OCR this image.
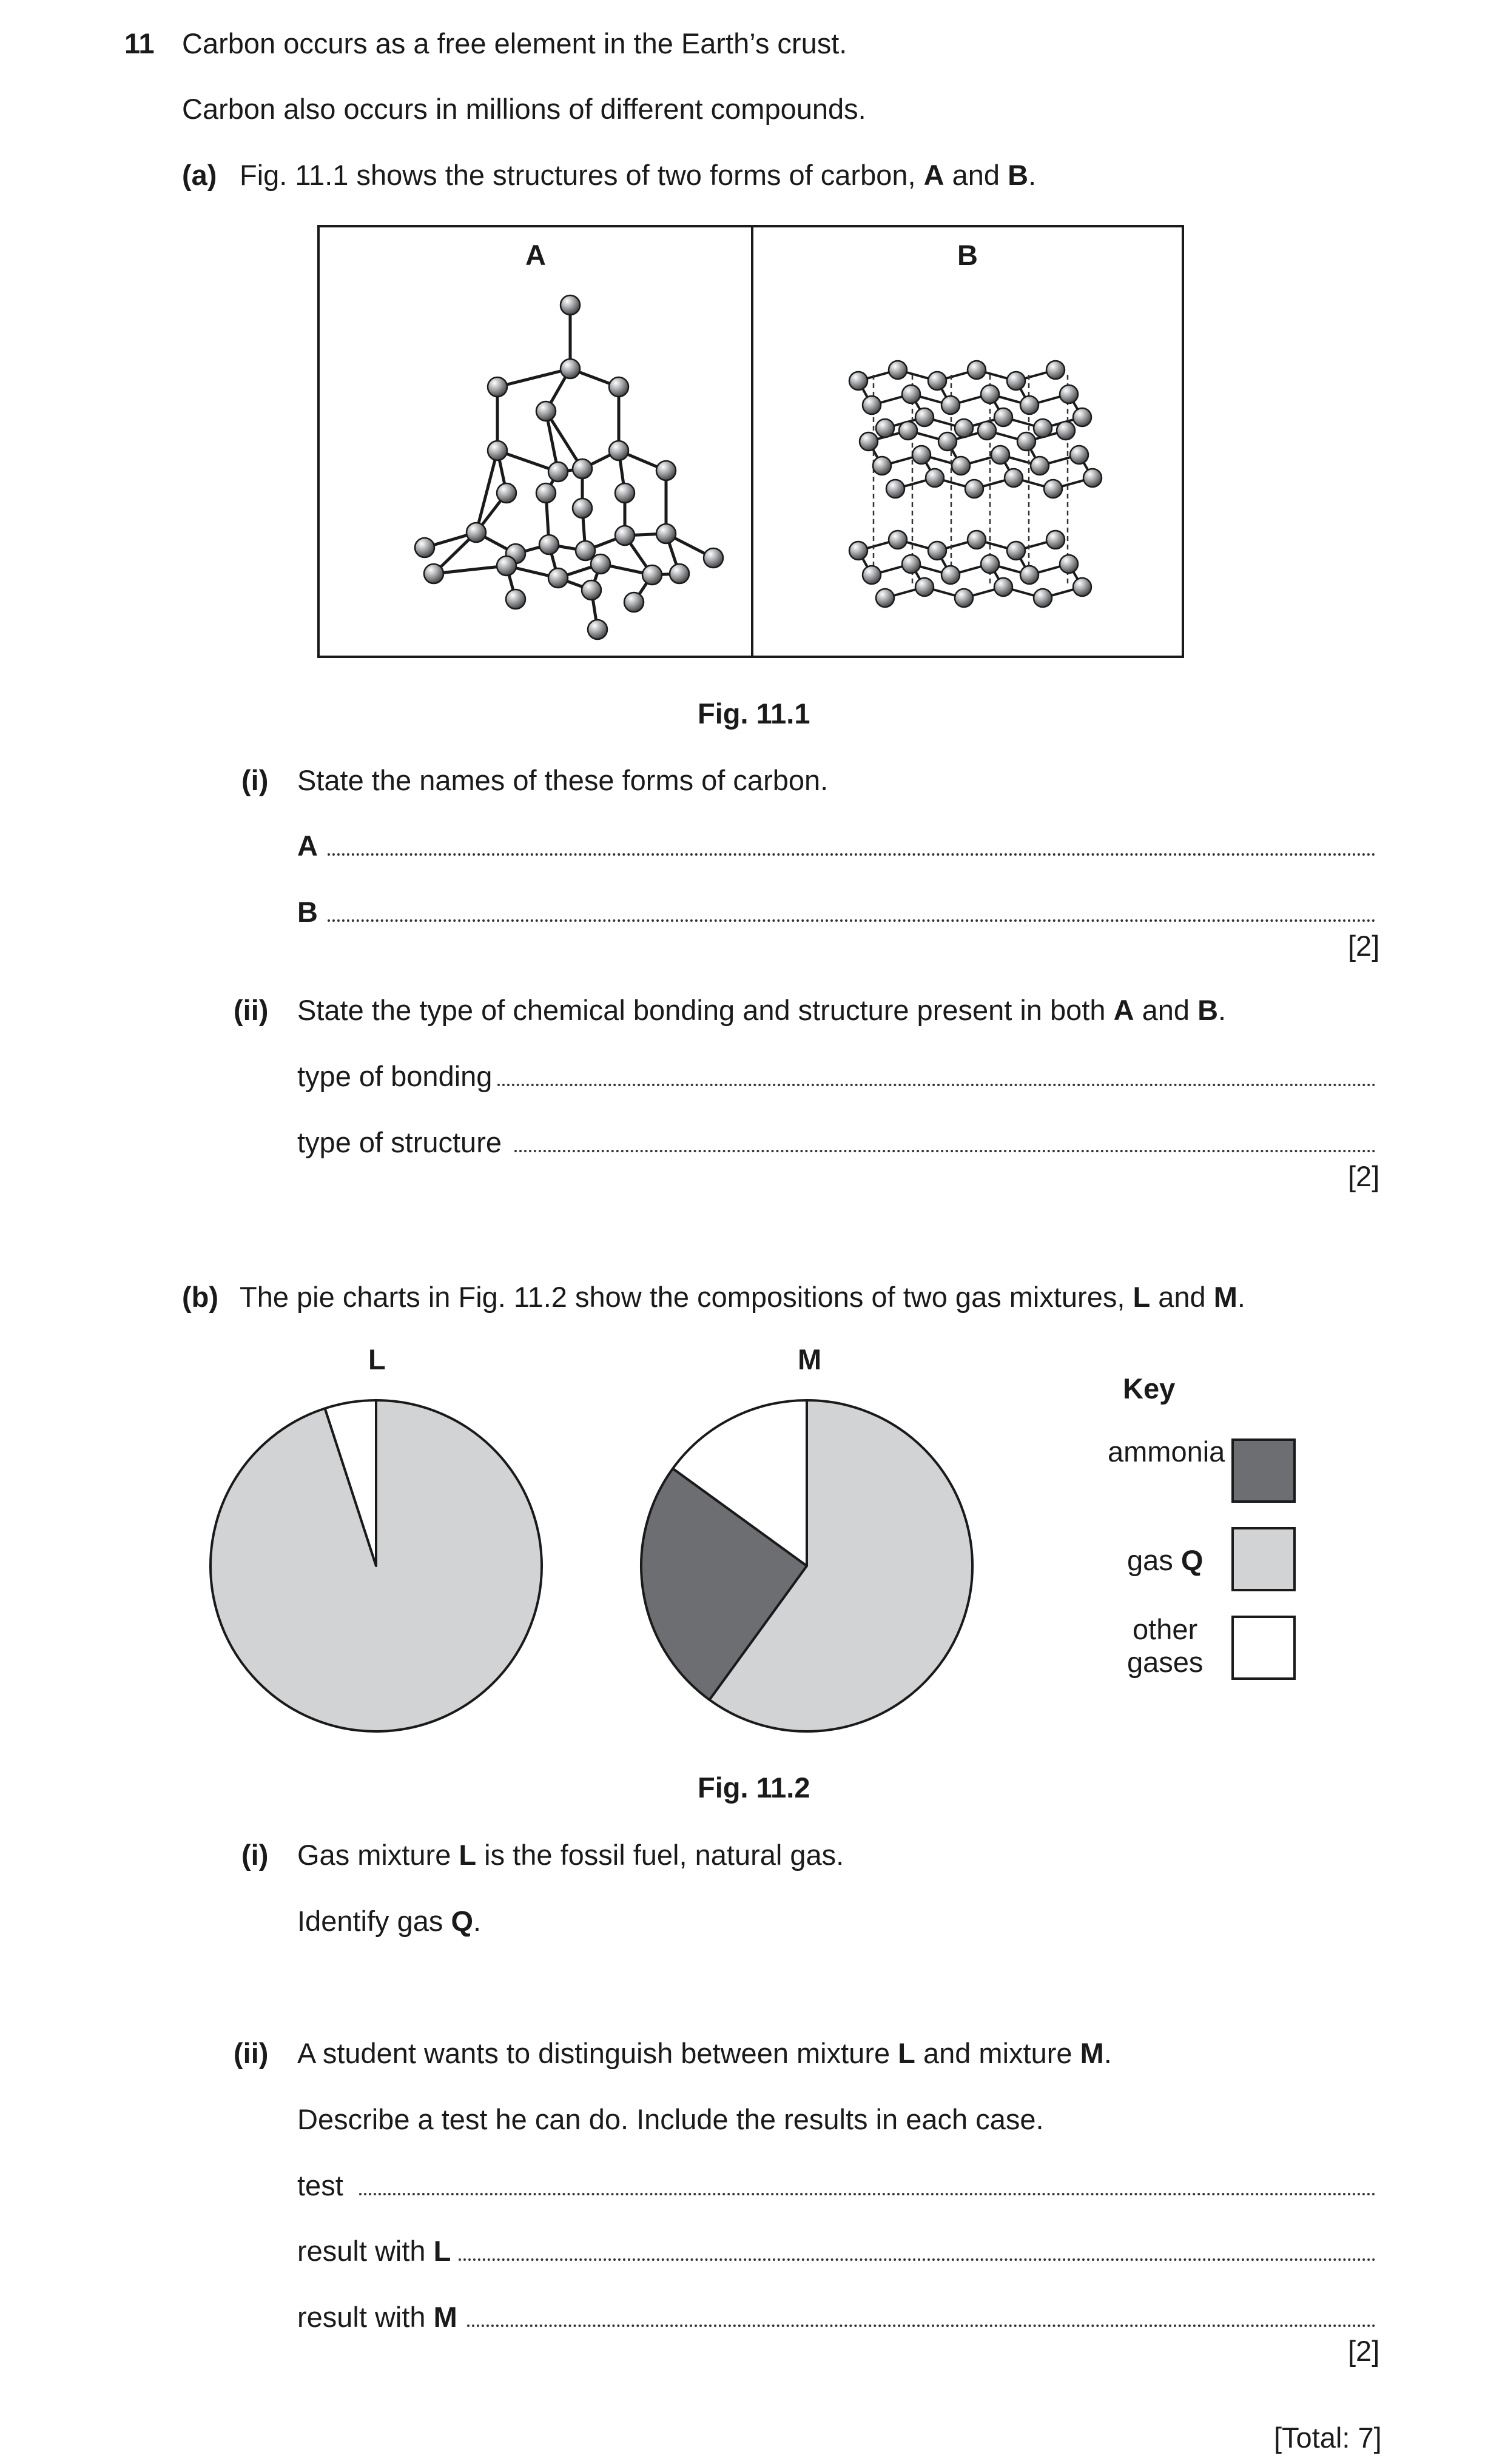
11 Carbon occurs as a free element in the Earth’s crust.
Carbon also occurs in millions of different compounds.
(a) Fig. 11.1 shows the structures of two forms of carbon, A and B.
A	B
Fig. 11.1
(i) State the names of these forms of carbon.
A
B
[2]
(ii) State the type of chemical bonding and structure present in both A and B.
type of bonding
type of structure
[2]
(b) The pie charts in Fig. 11.2 show the compositions of two gas mixtures, L and M.
L	M
Key
ammonia
gas Q
other
gases
Fig. 11.2
(i) Gas mixture L is the fossil fuel, natural gas.
Identify gas Q.
(ii) A student wants to distinguish between mixture L and mixture M.
Describe a test he can do. Include the results in each case.
test
result with L
result with M
[2]
[Total: 7]
